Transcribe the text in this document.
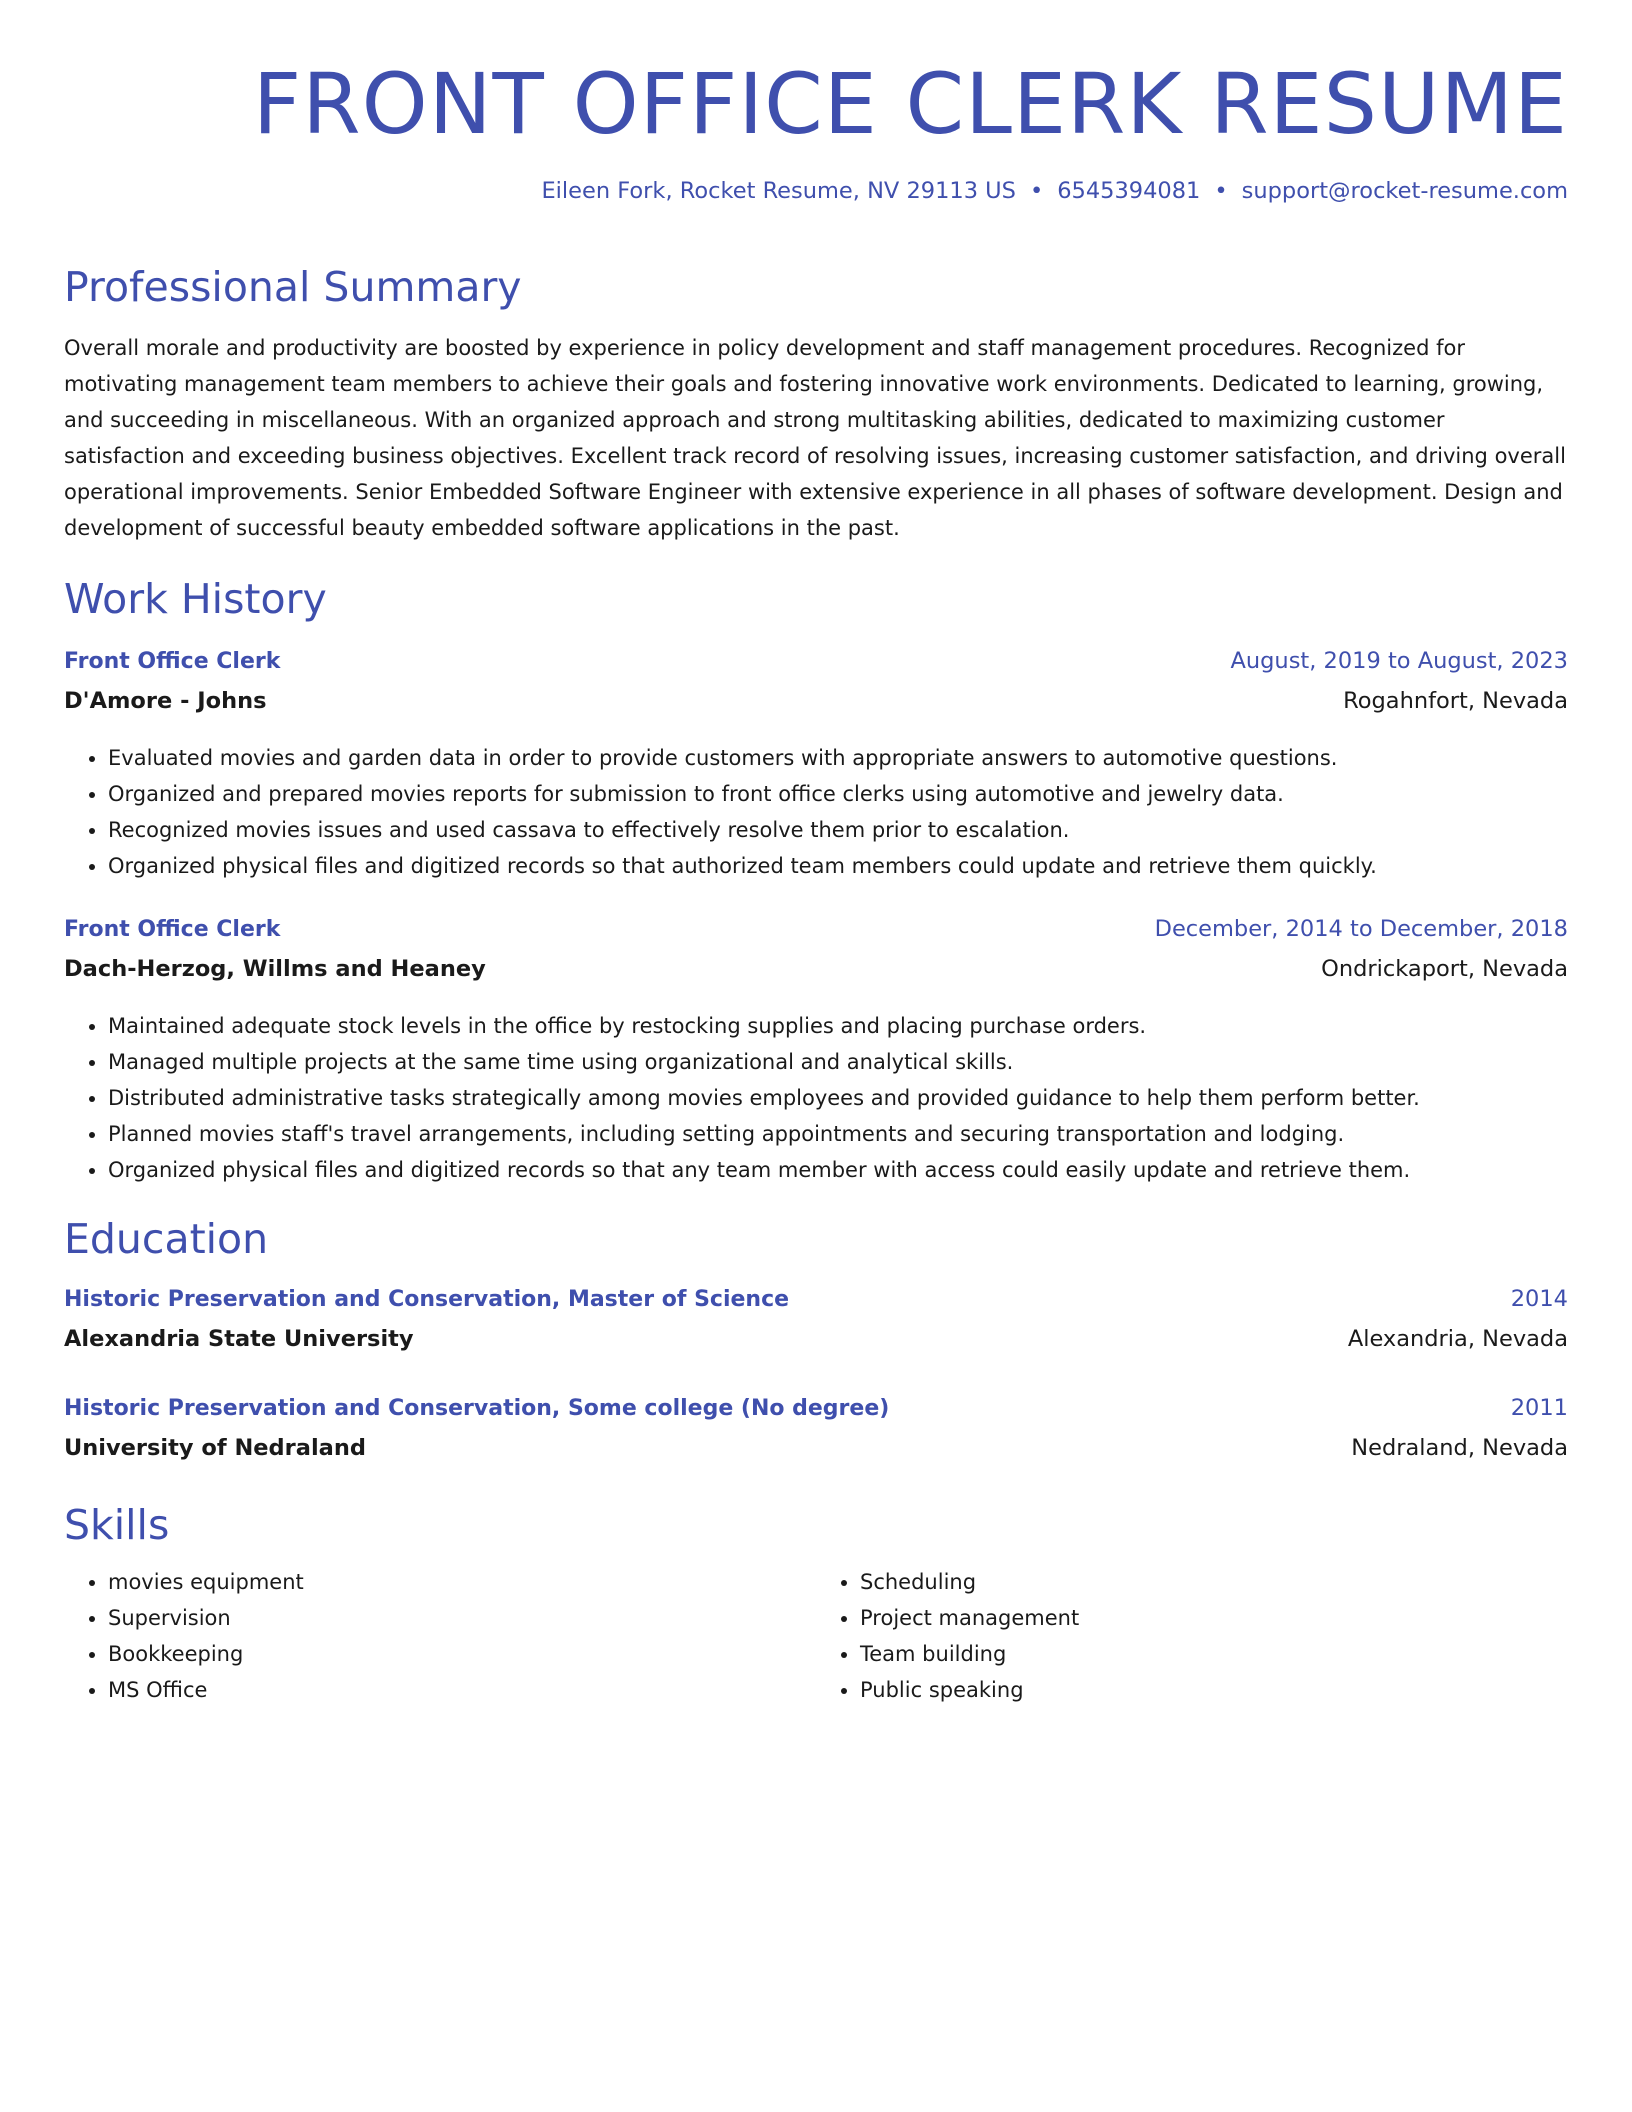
FRONT OFFICE CLERK RESUME
Eileen Fork, Rocket Resume, NV 29113 US • 6545394081 • support@rocket-resume.com
Professional Summary

Overall morale and productivity are boosted by experience in policy development and staff management procedures. Recognized for motivating management team members to achieve their goals and fostering innovative work environments. Dedicated to learning, growing, and succeeding in miscellaneous. With an organized approach and strong multitasking abilities, dedicated to maximizing customer satisfaction and exceeding business objectives. Excellent track record of resolving issues, increasing customer satisfaction, and driving overall operational improvements. Senior Embedded Software Engineer with extensive experience in all phases of software development. Design and development of successful beauty embedded software applications in the past.

Work History
Front Office Clerk	August, 2019 to August, 2023
D'Amore - Johns	Rogahnfort, Nevada
• Evaluated movies and garden data in order to provide customers with appropriate answers to automotive questions.
• Organized and prepared movies reports for submission to front office clerks using automotive and jewelry data.
• Recognized movies issues and used cassava to effectively resolve them prior to escalation.
• Organized physical files and digitized records so that authorized team members could update and retrieve them quickly.
Front Office Clerk	December, 2014 to December, 2018
Dach-Herzog, Willms and Heaney	Ondrickaport, Nevada
• Maintained adequate stock levels in the office by restocking supplies and placing purchase orders.
• Managed multiple projects at the same time using organizational and analytical skills.
• Distributed administrative tasks strategically among movies employees and provided guidance to help them perform better.
• Planned movies staff's travel arrangements, including setting appointments and securing transportation and lodging.
• Organized physical files and digitized records so that any team member with access could easily update and retrieve them.
Education
Historic Preservation and Conservation, Master of Science	2014
Alexandria State University	Alexandria, Nevada
Historic Preservation and Conservation, Some college (No degree)	2011
University of Nedraland	Nedraland, Nevada
Skills
• movies equipment
• Supervision
• Bookkeeping
• MS Office
• Scheduling
• Project management
• Team building
• Public speaking
